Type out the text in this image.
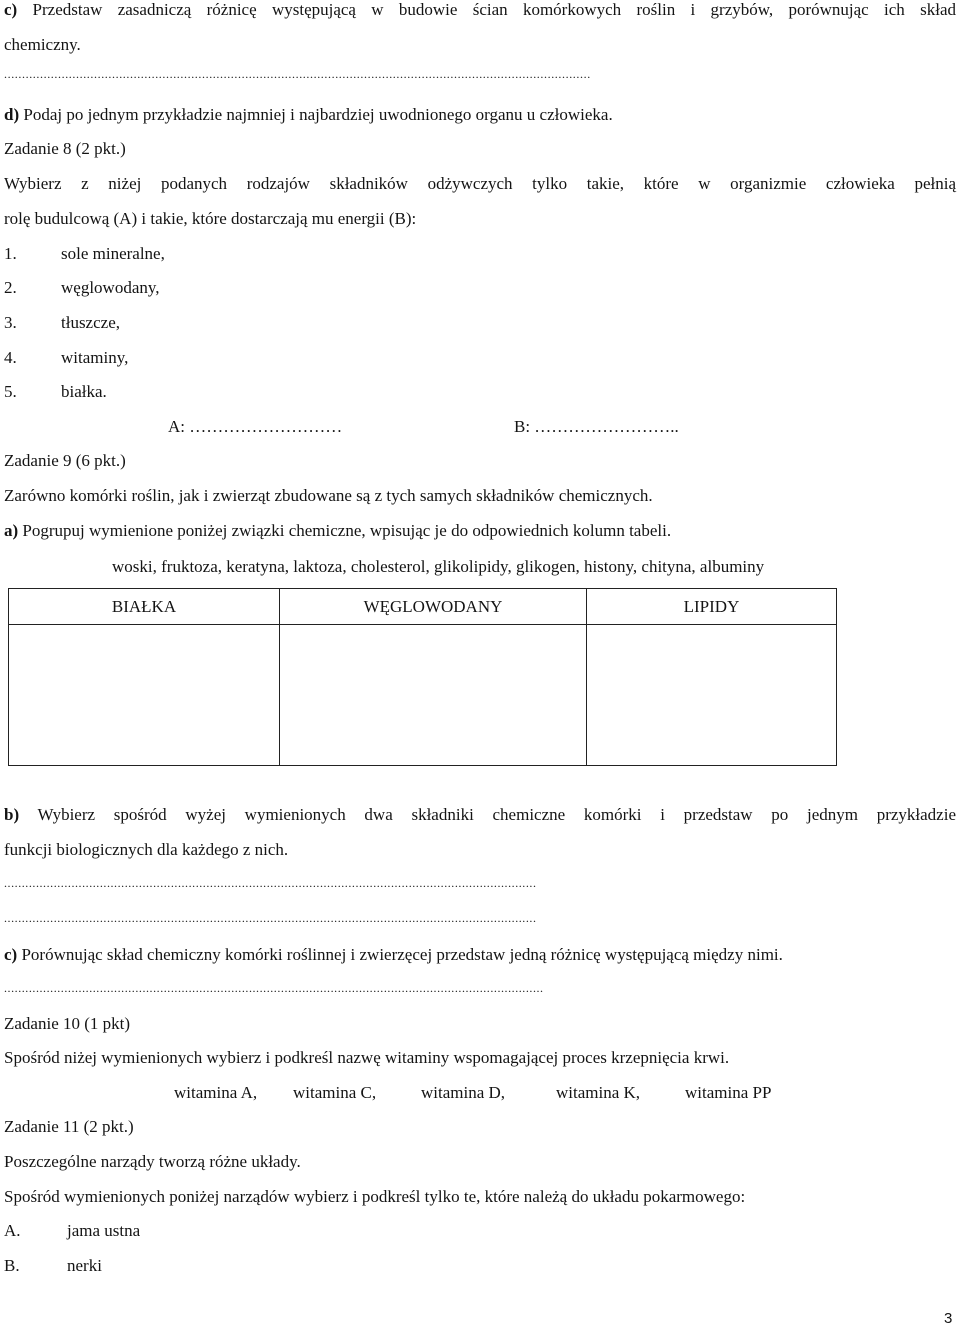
c) Przedstaw zasadniczą różnicę występującą w budowie ścian komórkowych roślin i grzybów, porównując ich skład
chemiczny.
...................................................................................................................................................................
d) Podaj po jednym przykładzie najmniej i najbardziej uwodnionego organu u człowieka.
Zadanie 8 (2 pkt.)
Wybierz z niżej podanych rodzajów składników odżywczych tylko takie, które w organizmie człowieka pełnią
rolę budulcową (A) i takie, które dostarczają mu energii (B):
1.	sole mineralne,
2.	węglowodany,
3.	tłuszcze,
4.	witaminy,
5.	białka.
A: ………………………	B: ……………………..
Zadanie 9 (6 pkt.)
Zarówno komórki roślin, jak i zwierząt zbudowane są z tych samych składników chemicznych.
a) Pogrupuj wymienione poniżej związki chemiczne, wpisując je do odpowiednich kolumn tabeli.
woski, fruktoza, keratyna, laktoza, cholesterol, glikolipidy, glikogen, histony, chityna, albuminy
BIAŁKA	WĘGLOWODANY	LIPIDY

b) Wybierz spośród wyżej wymienionych dwa składniki chemiczne komórki i przedstaw po jednym przykładzie
funkcji biologicznych dla każdego z nich.
......................................................................................................................................................
......................................................................................................................................................
c) Porównując skład chemiczny komórki roślinnej i zwierzęcej przedstaw jedną różnicę występującą między nimi.
........................................................................................................................................................
Zadanie 10 (1 pkt)
Spośród niżej wymienionych wybierz i podkreśl nazwę witaminy wspomagającej proces krzepnięcia krwi.
witamina A, witamina C,	witamina D,	witamina K,	witamina PP
Zadanie 11 (2 pkt.)
Poszczególne narządy tworzą różne układy.
Spośród wymienionych poniżej narządów wybierz i podkreśl tylko te, które należą do układu pokarmowego:
A.	jama ustna
B.	nerki
3
